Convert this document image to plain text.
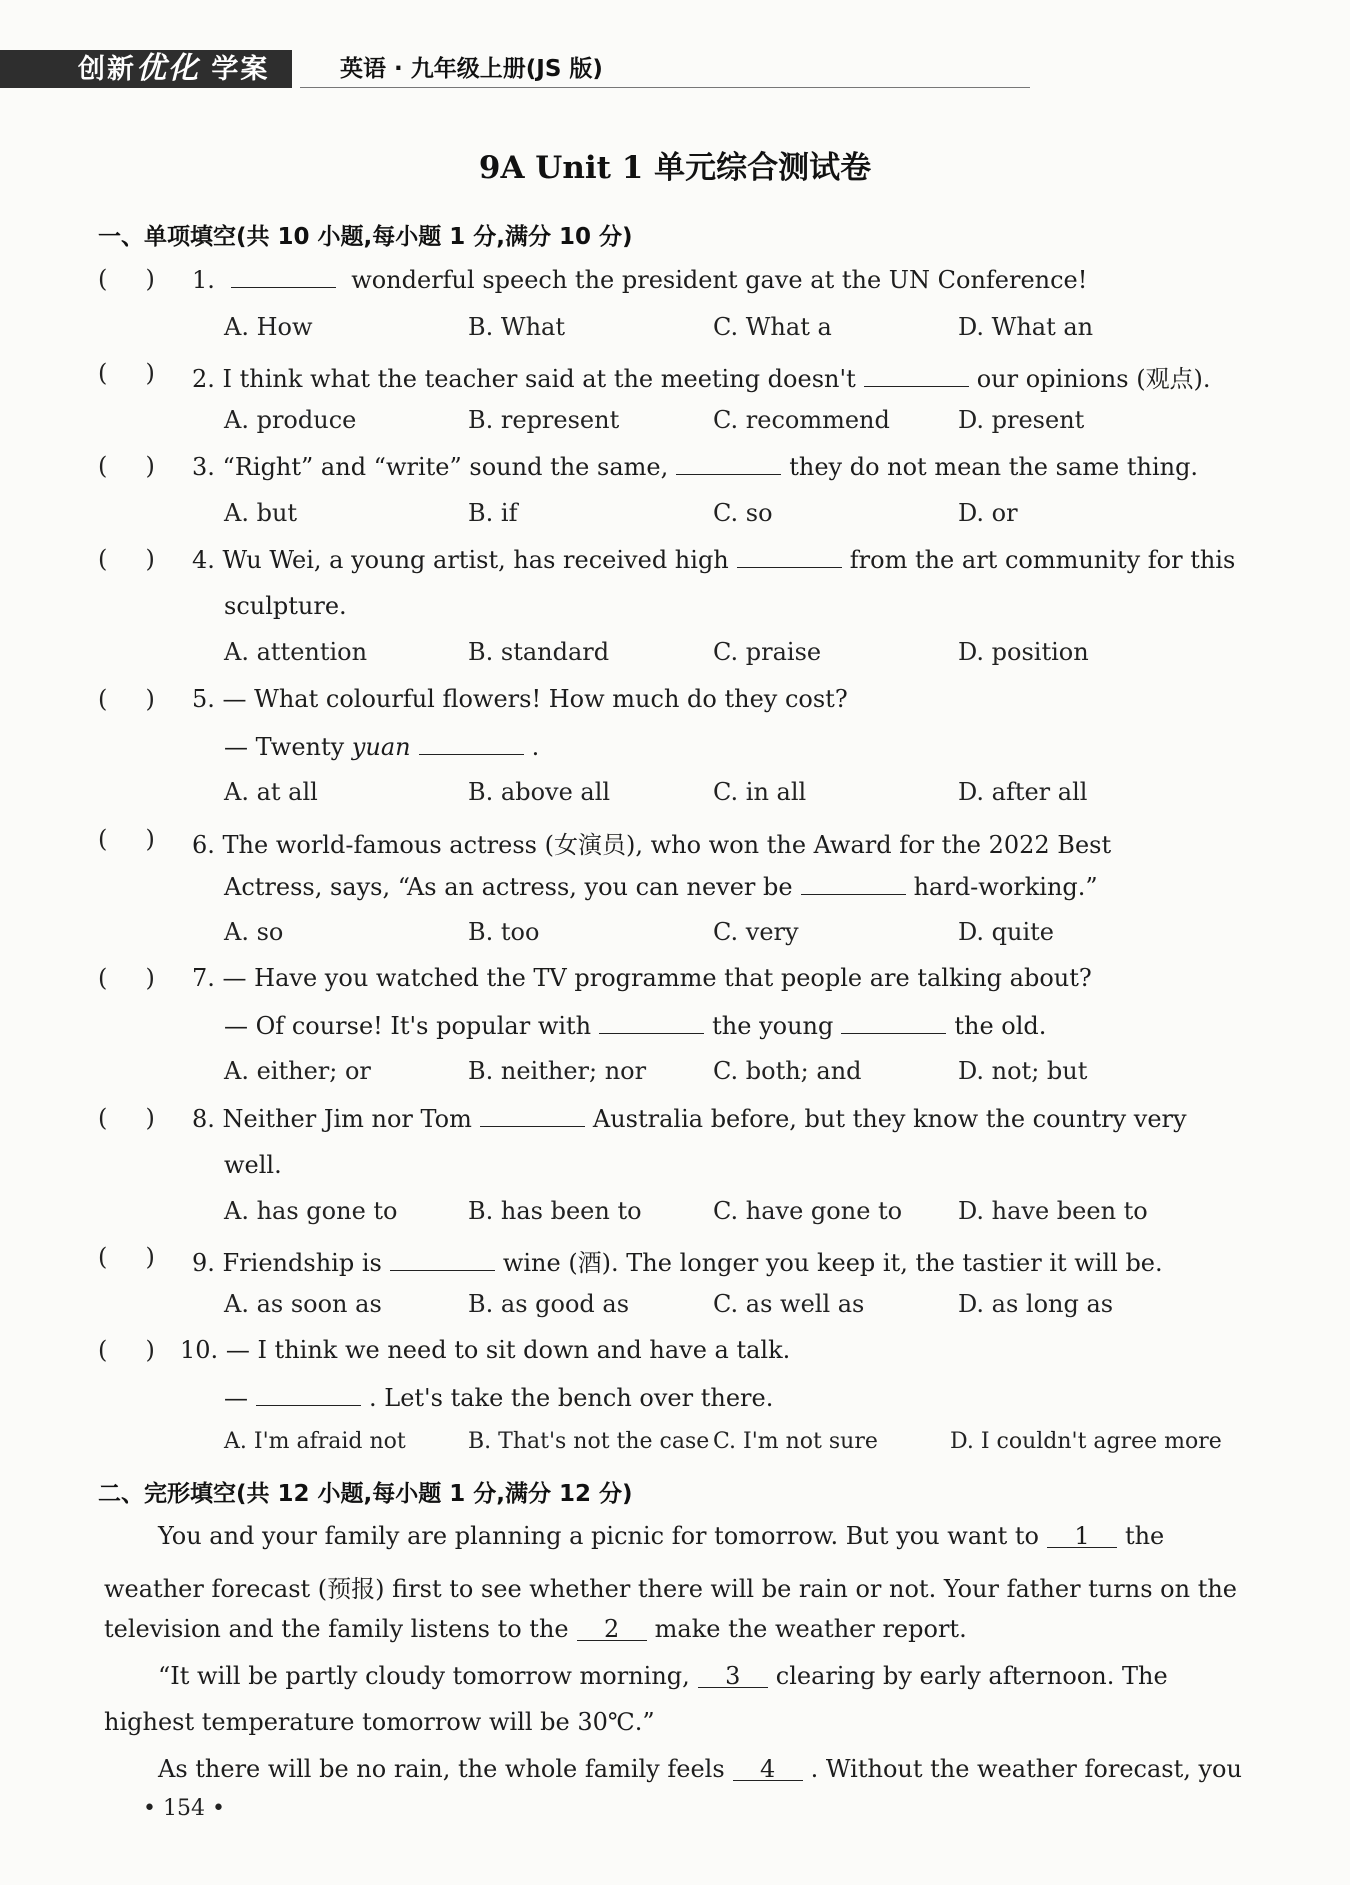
创新优化 学案	英语 · 九年级上册(JS 版)
9A Unit 1 单元综合测试卷
一、单项填空(共 10 小题,每小题 1 分,满分 10 分)
(     ) 1.	wonderful speech the president gave at the UN Conference!
A. How	B. What	C. What a	D. What an
(     ) 2. I think what the teacher said at the meeting doesn't	our opinions (观点).
A. produce	B. represent	C. recommend	D. present
(     ) 3. “Right” and “write” sound the same,	they do not mean the same thing.
A. but	B. if	C. so	D. or
(     ) 4. Wu Wei, a young artist, has received high	from the art community for this
sculpture.
A. attention	B. standard	C. praise	D. position
(     ) 5. — What colourful flowers! How much do they cost?
— Twenty yuan	.
A. at all	B. above all	C. in all	D. after all
(     ) 6. The world-famous actress (女演员), who won the Award for the 2022 Best
Actress, says, “As an actress, you can never be	hard-working.”
A. so	B. too	C. very	D. quite
(     ) 7. — Have you watched the TV programme that people are talking about?
— Of course! It's popular with	the young	the old.
A. either; or	B. neither; nor	C. both; and	D. not; but
(     ) 8. Neither Jim nor Tom	Australia before, but they know the country very
well.
A. has gone to	B. has been to	C. have gone to D. have been to
(     ) 9. Friendship is	wine (酒). The longer you keep it, the tastier it will be.
A. as soon as	B. as good as	C. as well as	D. as long as
(     ) 10. — I think we need to sit down and have a talk.
—	. Let's take the bench over there.
A. I'm afraid not	B. That's not the case C. I'm not sure	D. I couldn't agree more
二、完形填空(共 12 小题,每小题 1 分,满分 12 分)
You and your family are planning a picnic for tomorrow. But you want to 1 the
weather forecast (预报) first to see whether there will be rain or not. Your father turns on the
television and the family listens to the 2 make the weather report.
“It will be partly cloudy tomorrow morning, 3 clearing by early afternoon. The
highest temperature tomorrow will be 30℃.”
As there will be no rain, the whole family feels 4 . Without the weather forecast, you
• 154 •
